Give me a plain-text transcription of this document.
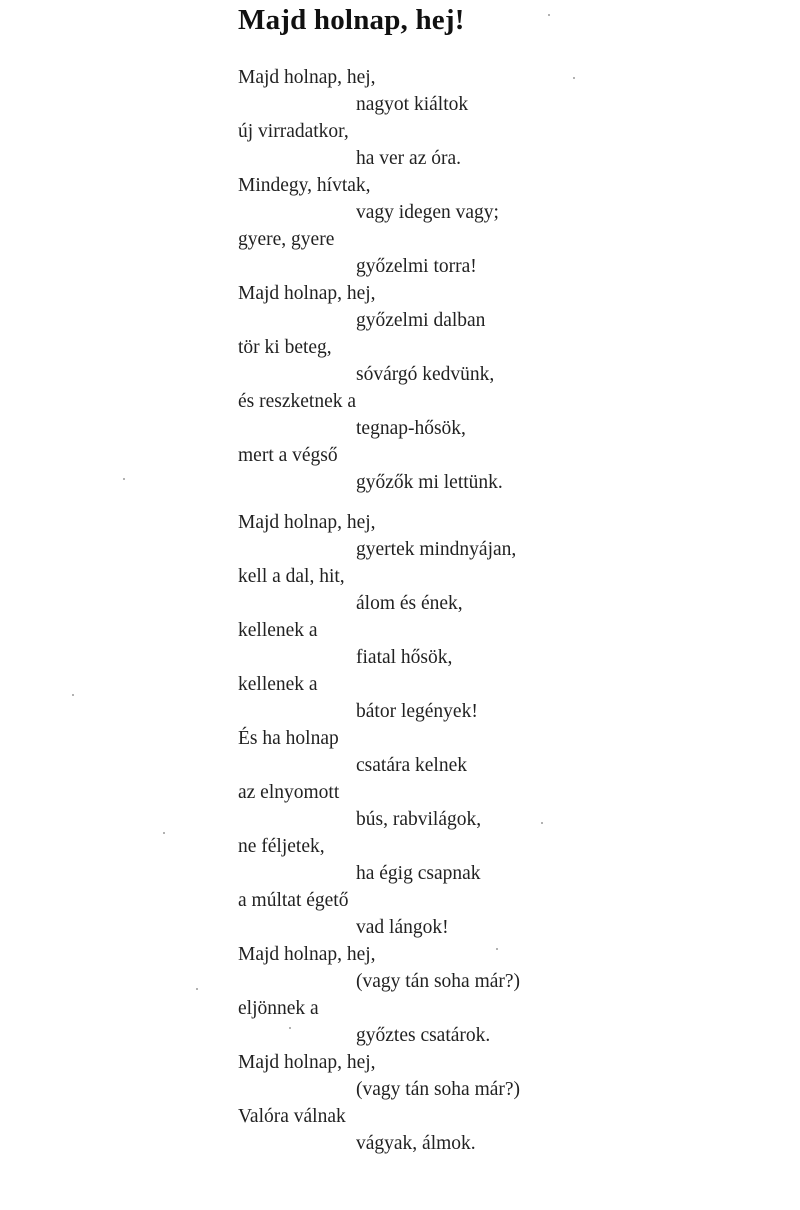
Majd holnap, hej!
Majd holnap, hej,
nagyot kiáltok
új virradatkor,
ha ver az óra.
Mindegy, hívtak,
vagy idegen vagy;
gyere, gyere
győzelmi torra!
Majd holnap, hej,
győzelmi dalban
tör ki beteg,
sóvárgó kedvünk,
és reszketnek a
tegnap-hősök,
mert a végső
győzők mi lettünk.
Majd holnap, hej,
gyertek mindnyájan,
kell a dal, hit,
álom és ének,
kellenek a
fiatal hősök,
kellenek a
bátor legények!
És ha holnap
csatára kelnek
az elnyomott
bús, rabvilágok,
ne féljetek,
ha égig csapnak
a múltat égető
vad lángok!
Majd holnap, hej,
(vagy tán soha már?)
eljönnek a
győztes csatárok.
Majd holnap, hej,
(vagy tán soha már?)
Valóra válnak
vágyak, álmok.
